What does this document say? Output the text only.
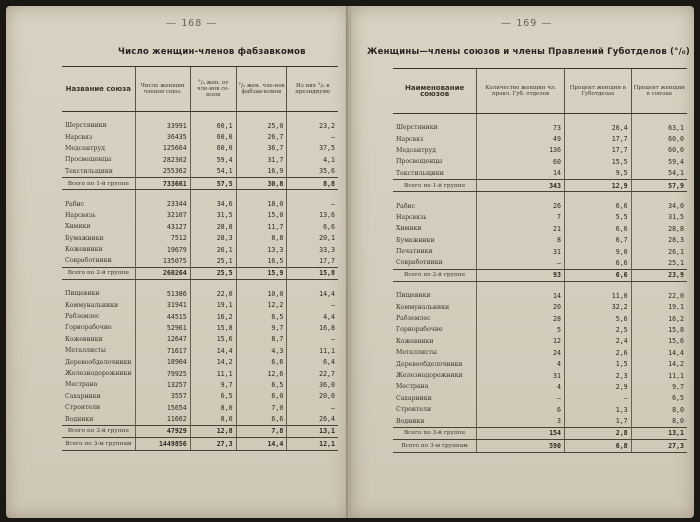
— 168 —
Число женщин-членов фабзавкомов
Название союза	Число женщин членов союз.	°/₀ жен. от чле-нов со-юзов	°/₀ жен. чле-нов фабзав-комов	Из них °/₀ в президиуме

Шерстяники	33991	60,1	25,0	23,2
Нарсвяз	36435	60,0	26,7	—
Медсантруд	125664	60,0	36,7	37,5
Просвещенцы	282302	59,4	31,7	4,1
Текстильщики	255362	54,1	16,9	35,6
Всего по 1-й группе	733661	57,5	30,8	8,8

Рабис	23344	34,6	18,0	—
Нарсвязь	32107	31,5	15,0	13,6
Химики	43127	28,8	11,7	6,6
Бумажники	7512	28,3	8,8	20,1
Кожевники	19679	26,1	13,3	33,3
Совработники	135075	25,1	16,5	17,7
Всего по 2-й группе	260264	25,5	15,9	15,8

Пищевики	51386	22,0	10,0	14,4
Коммунальники	31941	19,1	12,2	—
Рабземлес	44515	16,2	6,5	4,4
Горнорабочие	52961	15,8	9,7	16,8
Кожевники	12647	15,6	8,7	—
Металлисты	71617	14,4	4,3	11,1
Деревообделочники	18904	14,2	6,6	6,4
Железнодорожники	79925	11,1	12,6	22,7
Местрана	13257	9,7	6,5	36,0
Сахарники	3557	6,5	6,0	20,0
Строители	15654	8,0	7,0	—
Водники	11662	8,0	6,6	26,4
Всего по 3-й группе	47929	12,8	7,8	13,1
Всего по 3-м группам	1449856	27,3	14,4	12,1
— 169 —
Женщины—члены союзов и члены Правлений Губотделов (°/₀)
Наименование союзов	Количество женщин чл. правл. Губ. отделов	Процент женщин в Губотделах	Процент женщин в союзах

Шерстяники	73	26,4	63,1
Нарсвяз	49	17,7	60,0
Медсантруд	136	17,7	60,0
Просвещенцы	60	15,5	59,4
Текстильщики	14	9,5	54,1
Всего по 1-й группе	343	12,9	57,9

Рабис	26	6,6	34,0
Нарсвязь	7	5,5	31,5
Химики	21	6,6	28,8
Бумажники	8	6,7	28,3
Печатники	31	9,0	26,1
Совработники	—	6,6	25,1
Всего по 2-й группе	93	6,6	23,9

Пищевики	14	11,0	22,0
Коммунальники	20	32,2	19,1
Рабземлес	28	5,6	16,2
Горнорабочие	5	2,5	15,8
Кожевники	12	2,4	15,6
Металлисты	24	2,6	14,4
Деревообделочники	4	1,5	14,2
Железнодорожники	31	2,3	11,1
Местрана	4	2,9	9,7
Сахарники	—	—	6,5
Строители	6	1,3	8,0
Водники	3	1,7	8,0
Всего по 3-й группе	154	2,8	13,1
Всего по 3-м группам	590	6,8	27,3
